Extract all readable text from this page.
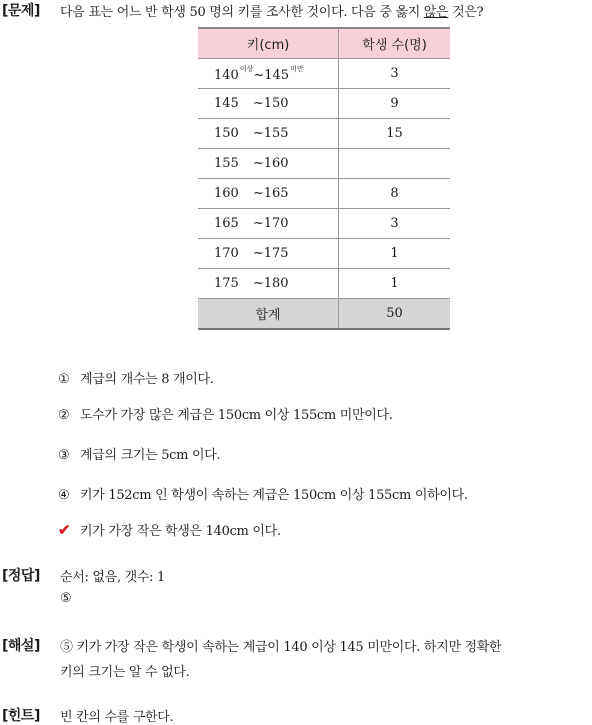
[문제] 다음 표는 어느 반 학생 50 명의 키를 조사한 것이다. 다음 중 옳지 않은 것은?
키(cm)	학생 수(명)
$140^{이상}\sim 145^{미만}$	3
145 ~150	9
150 ~155	15
155 ~160	
160 ~165	8
165 ~170	3
170 ~175	1
175 ~180	1
합계	50
① 계급의 개수는 8 개이다.
② 도수가 가장 많은 계급은 150cm 이상 155cm 미만이다.
③ 계급의 크기는 5cm 이다.
④ 키가 152cm 인 학생이 속하는 계급은 150cm 이상 155cm 이하이다.
✔ 키가 가장 작은 학생은 140cm 이다.
[정답] 순서: 없음, 갯수: 1
⑤
[해설] ⑤ 키가 가장 작은 학생이 속하는 계급이 140 이상 145 미만이다. 하지만 정확한
키의 크기는 알 수 없다.
[힌트] 빈 칸의 수를 구한다.
